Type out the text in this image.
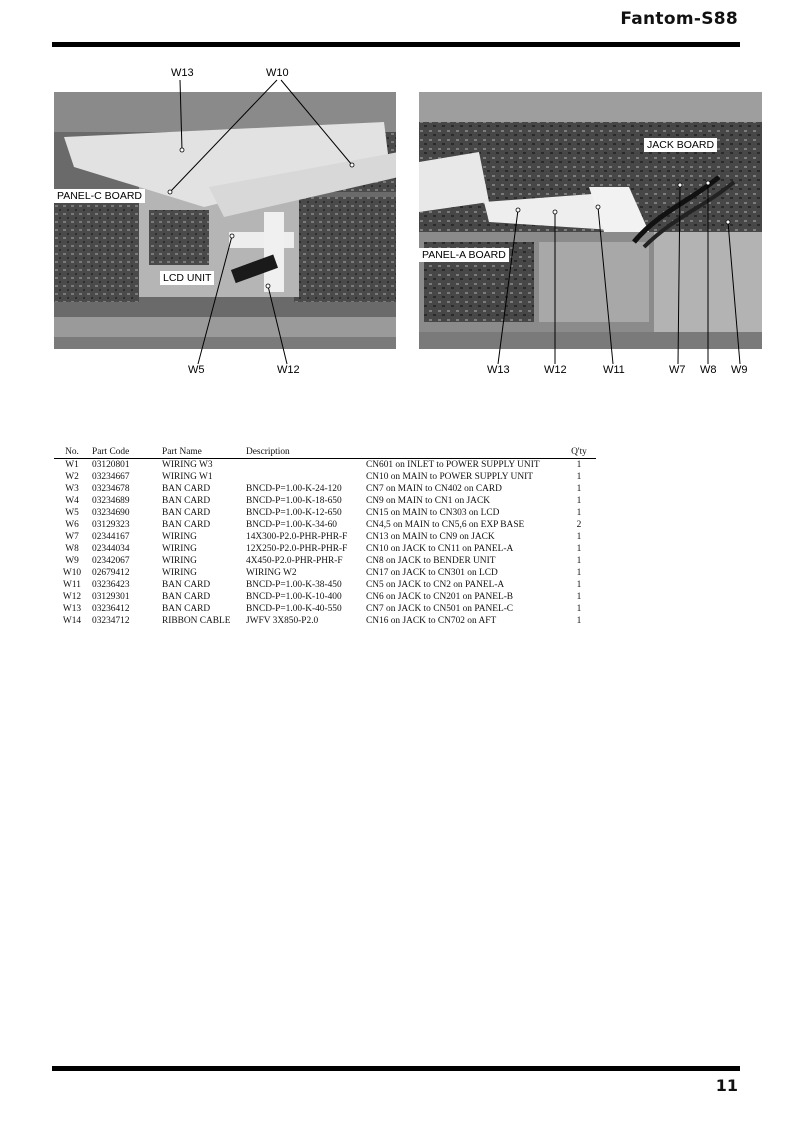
Fantom-S88
PANEL-C BOARD
LCD UNIT
JACK BOARD
PANEL-A BOARD
W13	W10
W5	W12	W13	W12	W11	W7 W8 W9
No.	Part Code	Part Name	Description		Q'ty
W1	03120801	WIRING W3		CN601 on INLET to POWER SUPPLY UNIT	1
W2	03234667	WIRING W1		CN10 on MAIN to POWER SUPPLY UNIT	1
W3	03234678	BAN CARD	BNCD-P=1.00-K-24-120	CN7 on MAIN to CN402 on CARD	1
W4	03234689	BAN CARD	BNCD-P=1.00-K-18-650	CN9 on MAIN to CN1 on JACK	1
W5	03234690	BAN CARD	BNCD-P=1.00-K-12-650	CN15 on MAIN to CN303 on LCD	1
W6	03129323	BAN CARD	BNCD-P=1.00-K-34-60	CN4,5 on MAIN to CN5,6 on EXP BASE	2
W7	02344167	WIRING	14X300-P2.0-PHR-PHR-F	CN13 on MAIN to CN9 on JACK	1
W8	02344034	WIRING	12X250-P2.0-PHR-PHR-F	CN10 on JACK to CN11 on PANEL-A	1
W9	02342067	WIRING	4X450-P2.0-PHR-PHR-F	CN8 on JACK to BENDER UNIT	1
W10	02679412	WIRING	WIRING W2	CN17 on JACK to CN301 on LCD	1
W11	03236423	BAN CARD	BNCD-P=1.00-K-38-450	CN5 on JACK to CN2 on PANEL-A	1
W12	03129301	BAN CARD	BNCD-P=1.00-K-10-400	CN6 on JACK to CN201 on PANEL-B	1
W13	03236412	BAN CARD	BNCD-P=1.00-K-40-550	CN7 on JACK to CN501 on PANEL-C	1
W14	03234712	RIBBON CABLE	JWFV 3X850-P2.0	CN16 on JACK to CN702 on AFT	1
11
